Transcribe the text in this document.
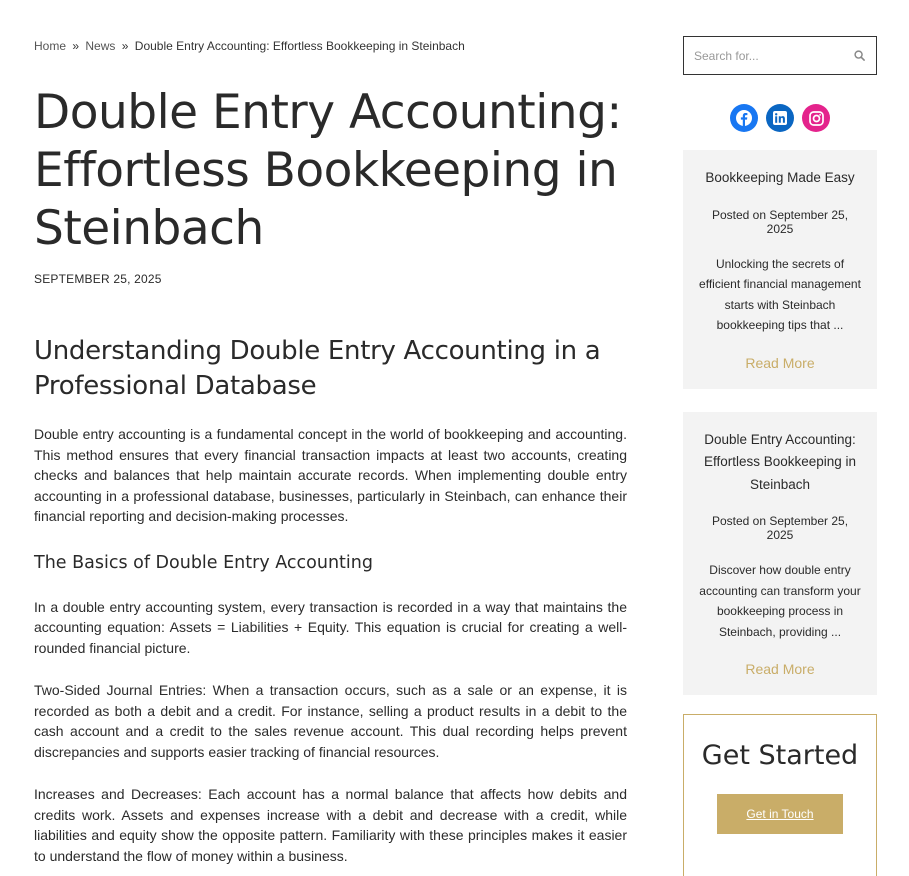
Home » News » Double Entry Accounting: Effortless Bookkeeping in Steinbach
Double Entry Accounting: Effortless Bookkeeping in Steinbach
SEPTEMBER 25, 2025
Understanding Double Entry Accounting in a Professional Database

Double entry accounting is a fundamental concept in the world of bookkeeping and accounting. This method ensures that every financial transaction impacts at least two accounts, creating checks and balances that help maintain accurate records. When implementing double entry accounting in a professional database, businesses, particularly in Steinbach, can enhance their financial reporting and decision-making processes.

The Basics of Double Entry Accounting

In a double entry accounting system, every transaction is recorded in a way that maintains the accounting equation: Assets = Liabilities + Equity. This equation is crucial for creating a well-rounded financial picture.

Two-Sided Journal Entries: When a transaction occurs, such as a sale or an expense, it is recorded as both a debit and a credit. For instance, selling a product results in a debit to the cash account and a credit to the sales revenue account. This dual recording helps prevent discrepancies and supports easier tracking of financial resources.

Increases and Decreases: Each account has a normal balance that affects how debits and credits work. Assets and expenses increase with a debit and decrease with a credit, while liabilities and equity show the opposite pattern. Familiarity with these principles makes it easier to understand the flow of money within a business.

Search for...
Bookkeeping Made Easy
Posted on September 25, 2025
Unlocking the secrets of efficient financial management starts with Steinbach bookkeeping tips that ...
Read More
Double Entry Accounting: Effortless Bookkeeping in Steinbach
Posted on September 25, 2025
Discover how double entry accounting can transform your bookkeeping process in Steinbach, providing ...
Read More
Get Started
Get in Touch
